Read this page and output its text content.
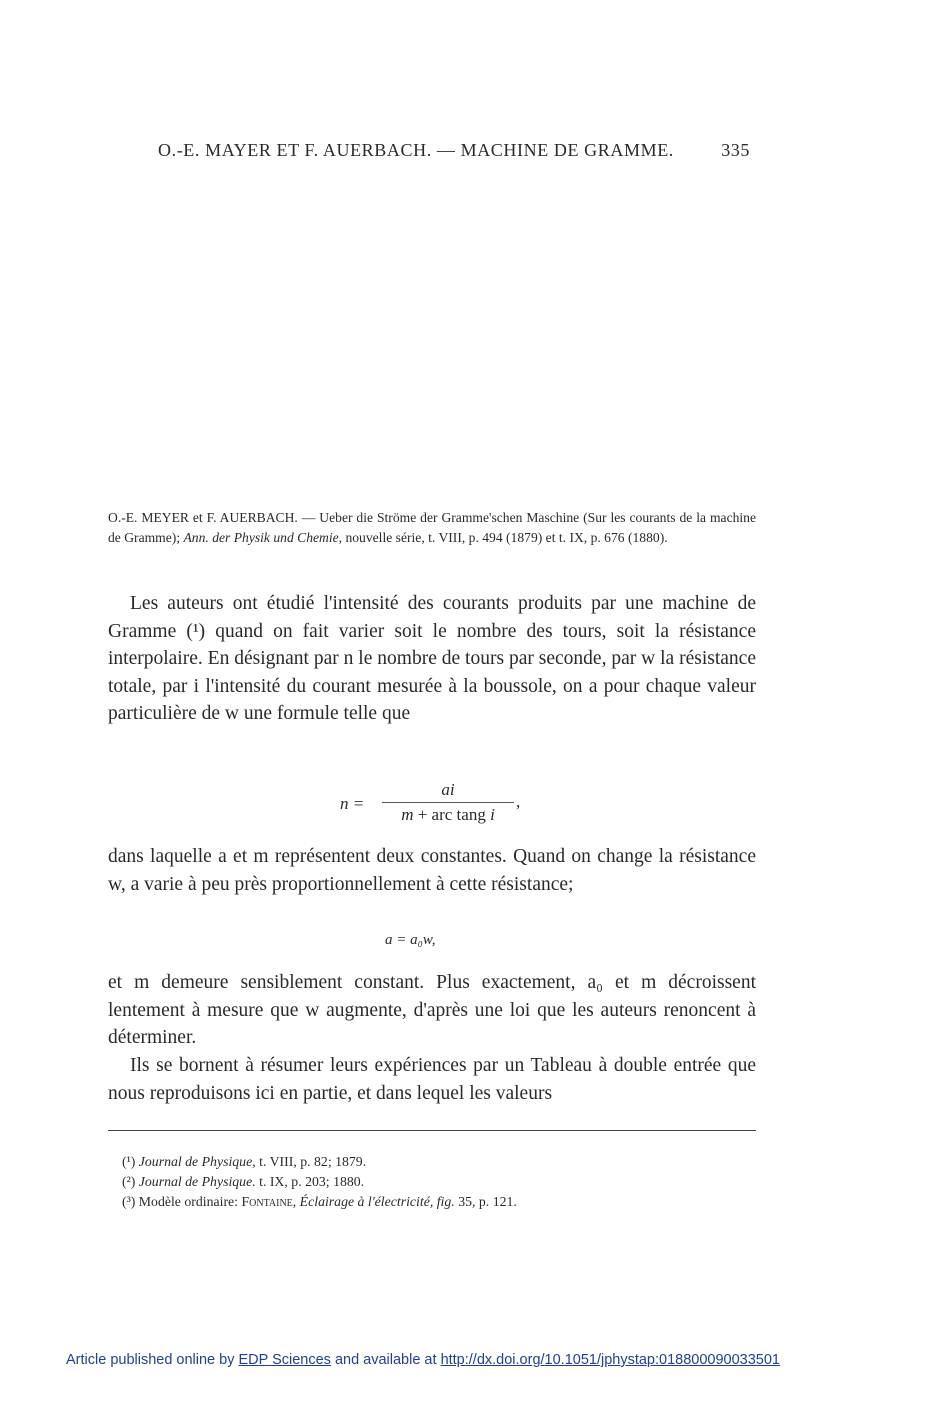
O.-E. MAYER ET F. AUERBACH. — MACHINE DE GRAMME.	335

O.-E. MEYER et F. AUERBACH. — Ueber die Ströme der Gramme'schen Maschine (Sur les courants de la machine de Gramme); Ann. der Physik und Chemie, nouvelle série, t. VIII, p. 494 (1879) et t. IX, p. 676 (1880).

Les auteurs ont étudié l'intensité des courants produits par une machine de Gramme (¹) quand on fait varier soit le nombre des tours, soit la résistance interpolaire. En désignant par n le nombre de tours par seconde, par w la résistance totale, par i l'intensité du courant mesurée à la boussole, on a pour chaque valeur particulière de w une formule telle que

n =
ai
m + arc tang i
,

dans laquelle a et m représentent deux constantes. Quand on change la résistance w, a varie à peu près proportionnellement à cette résistance;

a = a₀w,

et m demeure sensiblement constant. Plus exactement, a₀ et m décroissent lentement à mesure que w augmente, d'après une loi que les auteurs renoncent à déterminer.

Ils se bornent à résumer leurs expériences par un Tableau à double entrée que nous reproduisons ici en partie, et dans lequel les valeurs

(¹) Journal de Physique, t. VIII, p. 82; 1879.
(²) Journal de Physique. t. IX, p. 203; 1880.
(³) Modèle ordinaire: Fontaine, Éclairage à l'électricité, fig. 35, p. 121.
Article published online by EDP Sciences and available at http://dx.doi.org/10.1051/jphystap:018800090033501
